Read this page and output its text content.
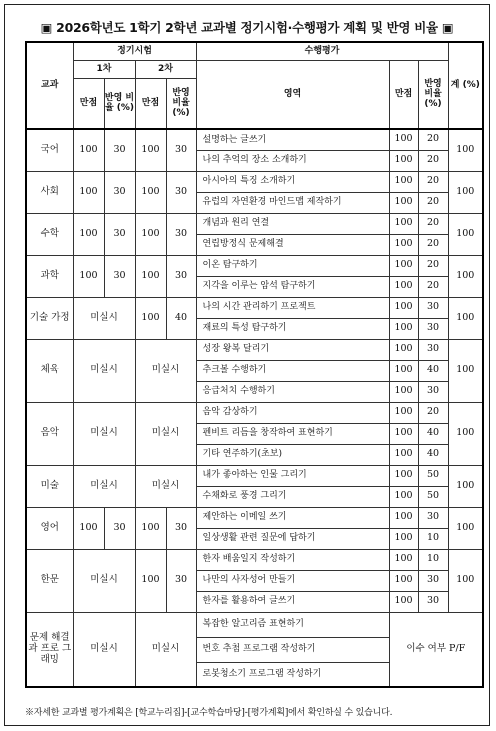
▣ 2026학년도 1학기 2학년 교과별 정기시험·수행평가 계획 및 반영 비율 ▣
교과	정기시험				수행평가			계 (%)
	1차		2차		영역	만점	반영 비율 (%)	
	만점	반영 비율 (%)	만점	반영 비율 (%)				

국어	100	30	100	30	설명하는 글쓰기	100	20	100
					나의 추억의 장소 소개하기	100	20	
사회	100	30	100	30	아시아의 특징 소개하기	100	20	100
					유럽의 자연환경 마인드맵 제작하기	100	20	
수학	100	30	100	30	개념과 원리 연결	100	20	100
					연립방정식 문제해결	100	20	
과학	100	30	100	30	이온 탐구하기	100	20	100
					지각을 이루는 암석 탐구하기	100	20	
기술 가정	미실시		100	40	나의 시간 관리하기 프로젝트	100	30	100
					재료의 특성 탐구하기	100	30	
체육	미실시		미실시		성장 왕복 달리기	100	30	100
					추크볼 수행하기	100	40	
					응급처치 수행하기	100	30	
음악	미실시		미실시		음악 감상하기	100	20	100
					펜비트 리듬을 창작하여 표현하기	100	40	
					기타 연주하기(초보)	100	40	
미술	미실시		미실시		내가 좋아하는 인물 그리기	100	50	100
					수채화로 풍경 그리기	100	50	
영어	100	30	100	30	제안하는 이메일 쓰기	100	30	100
					일상생활 관련 질문에 답하기	100	10	
한문	미실시		100	30	한자 배움일지 작성하기	100	10	100
					나만의 사자성어 만들기	100	30	
					한자를 활용하여 글쓰기	100	30	
문제 해결과 프로 그래밍	미실시		미실시		복잡한 알고리즘 표현하기	이수 여부 P/F		
					번호 추첨 프로그램 작성하기			
					로봇청소기 프로그램 작성하기			
※자세한 교과별 평가계획은 [학교누리집]-[교수학습마당]-[평가계획]에서 확인하실 수 있습니다.
